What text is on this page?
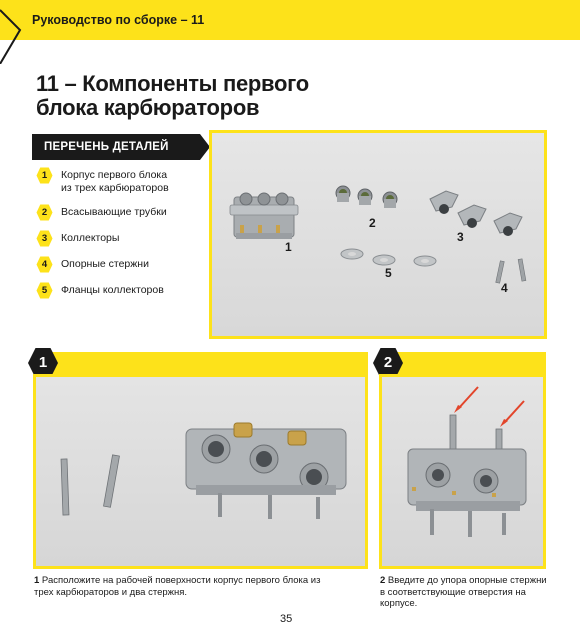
Руководство по сборке – 11
11 – Компоненты первого
блока карбюраторов
ПЕРЕЧЕНЬ ДЕТАЛЕЙ
1	Корпус первого блока
из трех карбюраторов
2	Всасывающие трубки
3	Коллекторы
4	Опорные стержни
5	Фланцы коллекторов
1
2
3
4
5
1
1 Расположите на рабочей поверхности корпус первого блока из трех карбюраторов и два стержня.
2
2 Введите до упора опорные стержни в соответствующие отверстия на корпусе.
35
